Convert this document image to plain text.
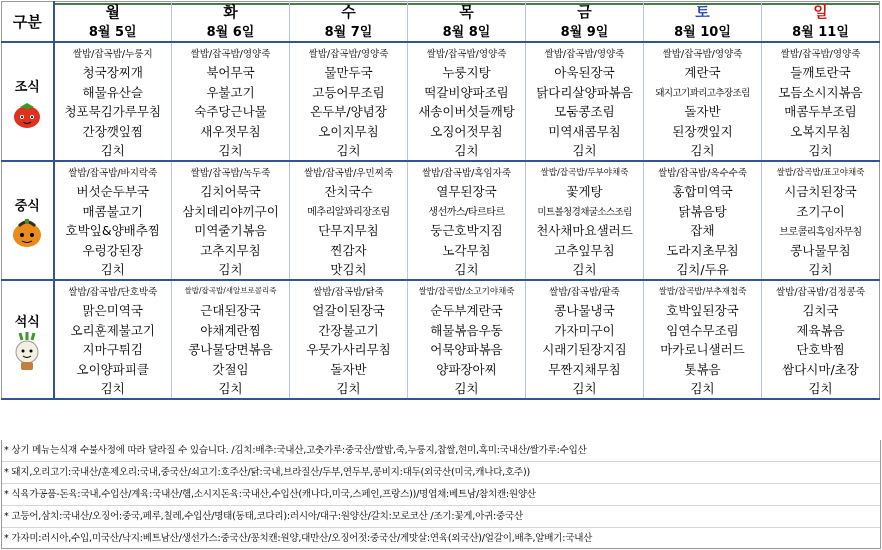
구분	월	화	수	목	금	토	일

	8월 5일	8월 6일	8월 7일	8월 8일	8월 9일	8월 10일	8월 11일

조식	쌀밥/잡곡밥/누룽지	쌀밥/잡곡밥/영양죽	쌀밥/잡곡밥/영양죽	쌀밥/잡곡밥/영양죽	쌀밥/잡곡밥/영양죽	쌀밥/잡곡밥/영양죽	쌀밥/잡곡밥/영양죽
	청국장찌개	북어무국	물만두국	누룽지탕	아욱된장국	계란국	들깨토란국
	해물유산슬	우불고기	고등어무조림	떡갈비양파조림	닭다리살양파볶음	돼지고기꽈리고추장조림	모듬소시지볶음
	청포묵김가루무침	숙주당근나물	온두부/양념장	새송이버섯들깨탕	모둠콩조림	돌자반	매콤두부조림
	간장깻잎찜	새우젓무침	오이지무침	오징어젓무침	미역새콤무침	된장깻잎지	오복지무침
	김치	김치	김치	김치	김치	김치	김치

중식	쌀밥/잡곡밥/바지락죽	쌀밥/잡곡밥/녹두죽	쌀밥/잡곡밥/우민찌죽	쌀밥/잡곡밥/흑임자죽	쌀밥/잡곡밥/두부야채죽	쌀밥/잡곡밥/옥수수죽	쌀밥/잡곡밥/표고야채죽
	버섯순두부국	김치어묵국	잔치국수	열무된장국	꽃게탕	홍합미역국	시금치된장국
	매콤불고기	삼치데리야끼구이	메추리알꽈리장조림	생선까스/타르타르	미트볼청경채굴소스조림	닭볶음탕	조기구이
	호박잎&양배추찜	미역줄기볶음	단무지무침	둥근호박지짐	천사채마요샐러드	잡채	브로콜리흑임자무침
	우렁강된장	고추지무침	찐감자	노각무침	고추잎무침	도라지초무침	콩나물무침
	김치	김치	맛김치	김치	김치	김치/두유	김치

석식	쌀밥/잡곡밥/단호박죽	쌀밥/잡곡밥/새알브로콜리죽	쌀밥/잡곡밥/닭죽	쌀밥/잡곡밥/소고기야채죽	쌀밥/잡곡밥/팥죽	쌀밥/잡곡밥/부추재첩죽	쌀밥/잡곡밥/검정콩죽
	맑은미역국	근대된장국	얼갈이된장국	순두부계란국	콩나물냉국	호박잎된장국	김치국
	오리훈제불고기	야채계란찜	간장불고기	해물볶음우동	가자미구이	임연수무조림	제육볶음
	지마구튀김	콩나물당면볶음	우뭇가사리무침	어묵양파볶음	시래기된장지짐	마카로니샐러드	단호박찜
	오이양파피클	갓절임	돌자반	양파장아찌	무짠지채무침	톳볶음	쌈다시마/초장
	김치	김치	김치	김치	김치	김치	김치
* 상기 메뉴는식재 수불사정에 따라 달라질 수 있습니다. /김치:배추:국내산,고춧가루:중국산/쌀밥,죽,누룽지,찹쌀,현미,흑미:국내산/쌀가루:수입산
* 돼지,오리고기:국내산/훈제오리:국내,중국산/쇠고기:호주산/닭:국내,브라질산/두부,연두부,콩비지:대두(외국산(미국,캐나다,호주))
* 식육가공품-돈육:국내,수입산/계육:국내산/햄,소시지돈육:국내산,수입산(캐나다,미국,스페인,프랑스))/명엽채:베트남/참치캔:원양산
* 고등어,삼치:국내산/오징어:중국,페루,칠레,수입산/명태(동태,코다리):러시아/대구:원양산/갈치:모로코산 /조기:꽃게,아귀:중국산
* 가자미:러시아,수입,미국산/낙지:베트남산/생선가스:중국산/꽁치캔:원양,대만산/오징어젓:중국산/게맛살:연육(외국산)/얼갈이,배추,알배기:국내산
